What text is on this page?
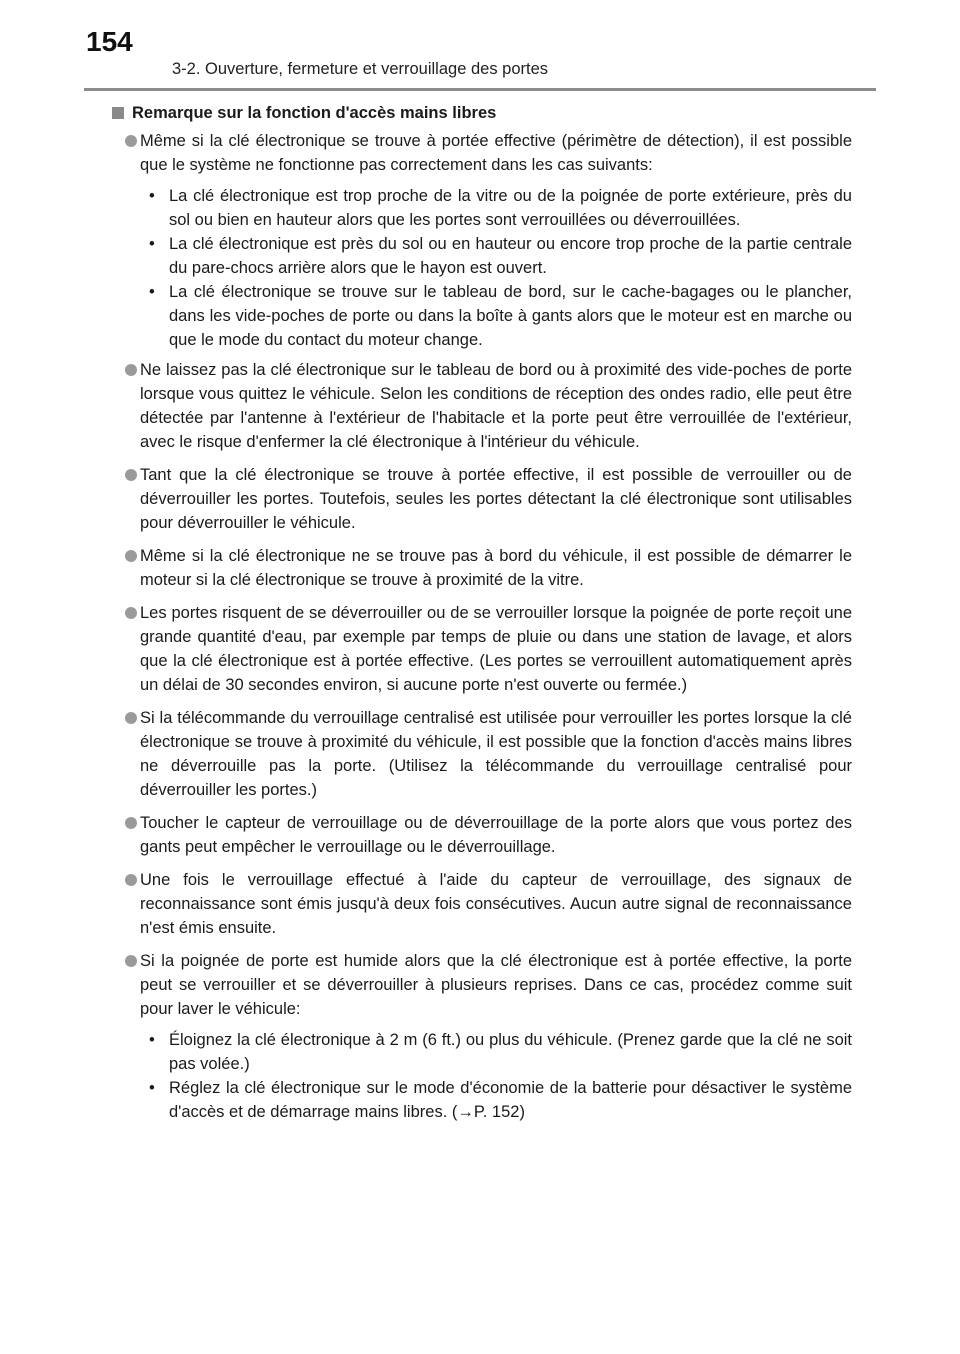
154
3-2. Ouverture, fermeture et verrouillage des portes
Remarque sur la fonction d'accès mains libres
Même si la clé électronique se trouve à portée effective (périmètre de détection), il est possible que le système ne fonctionne pas correctement dans les cas suivants:
• La clé électronique est trop proche de la vitre ou de la poignée de porte extérieure, près du sol ou bien en hauteur alors que les portes sont verrouillées ou déverrouillées.
• La clé électronique est près du sol ou en hauteur ou encore trop proche de la partie centrale du pare-chocs arrière alors que le hayon est ouvert.
• La clé électronique se trouve sur le tableau de bord, sur le cache-bagages ou le plancher, dans les vide-poches de porte ou dans la boîte à gants alors que le moteur est en marche ou que le mode du contact du moteur change.
Ne laissez pas la clé électronique sur le tableau de bord ou à proximité des vide-poches de porte lorsque vous quittez le véhicule. Selon les conditions de réception des ondes radio, elle peut être détectée par l'antenne à l'extérieur de l'habitacle et la porte peut être verrouillée de l'extérieur, avec le risque d'enfermer la clé électronique à l'intérieur du véhicule.
Tant que la clé électronique se trouve à portée effective, il est possible de verrouiller ou de déverrouiller les portes. Toutefois, seules les portes détectant la clé électronique sont utilisables pour déverrouiller le véhicule.
Même si la clé électronique ne se trouve pas à bord du véhicule, il est possible de démarrer le moteur si la clé électronique se trouve à proximité de la vitre.
Les portes risquent de se déverrouiller ou de se verrouiller lorsque la poignée de porte reçoit une grande quantité d'eau, par exemple par temps de pluie ou dans une station de lavage, et alors que la clé électronique est à portée effective. (Les portes se verrouillent automatiquement après un délai de 30 secondes environ, si aucune porte n'est ouverte ou fermée.)
Si la télécommande du verrouillage centralisé est utilisée pour verrouiller les portes lorsque la clé électronique se trouve à proximité du véhicule, il est possible que la fonction d'accès mains libres ne déverrouille pas la porte. (Utilisez la télécommande du verrouillage centralisé pour déverrouiller les portes.)
Toucher le capteur de verrouillage ou de déverrouillage de la porte alors que vous portez des gants peut empêcher le verrouillage ou le déverrouillage.
Une fois le verrouillage effectué à l'aide du capteur de verrouillage, des signaux de reconnaissance sont émis jusqu'à deux fois consécutives. Aucun autre signal de reconnaissance n'est émis ensuite.
Si la poignée de porte est humide alors que la clé électronique est à portée effective, la porte peut se verrouiller et se déverrouiller à plusieurs reprises. Dans ce cas, procédez comme suit pour laver le véhicule:
• Éloignez la clé électronique à 2 m (6 ft.) ou plus du véhicule. (Prenez garde que la clé ne soit pas volée.)
• Réglez la clé électronique sur le mode d'économie de la batterie pour désactiver le système d'accès et de démarrage mains libres. (→P. 152)
